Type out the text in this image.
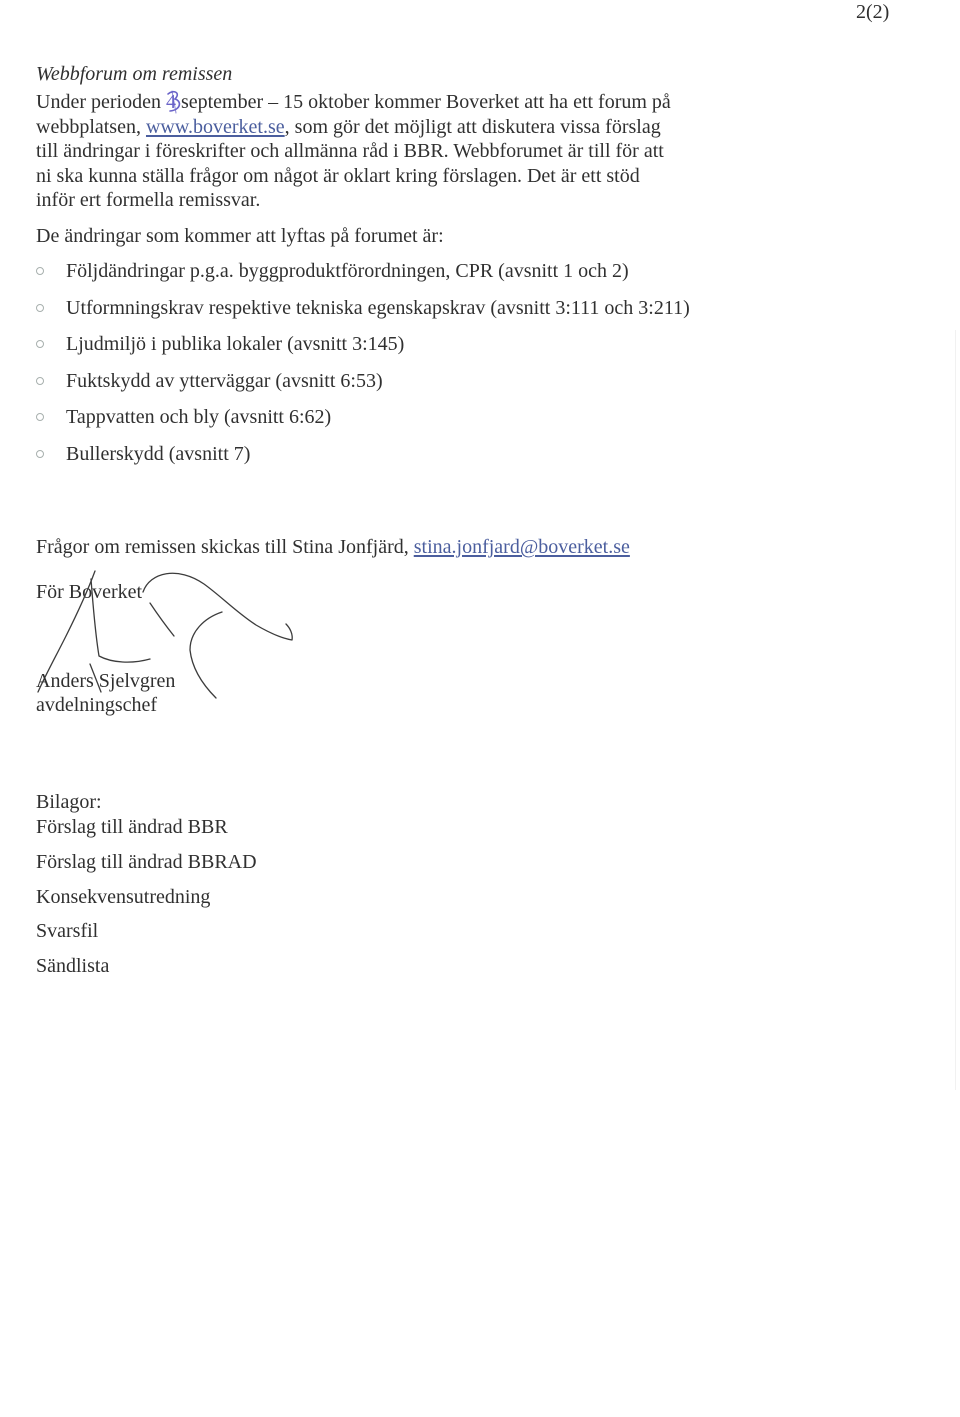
2(2)
Webbforum om remissen
Under perioden 4 september – 15 oktober kommer Boverket att ha ett forum på
webbplatsen, www.boverket.se, som gör det möjligt att diskutera vissa förslag
till ändringar i föreskrifter och allmänna råd i BBR. Webbforumet är till för att
ni ska kunna ställa frågor om något är oklart kring förslagen. Det är ett stöd
inför ert formella remissvar.
De ändringar som kommer att lyftas på forumet är:
Följdändringar p.g.a. byggproduktförordningen, CPR (avsnitt 1 och 2)
Utformningskrav respektive tekniska egenskapskrav (avsnitt 3:111 och 3:211)
Ljudmiljö i publika lokaler (avsnitt 3:145)
Fuktskydd av ytterväggar (avsnitt 6:53)
Tappvatten och bly (avsnitt 6:62)
Bullerskydd (avsnitt 7)
Frågor om remissen skickas till Stina Jonfjärd, stina.jonfjard@boverket.se
För Boverket
Anders Sjelvgren
avdelningschef
Bilagor:
Förslag till ändrad BBR
Förslag till ändrad BBRAD
Konsekvensutredning
Svarsfil
Sändlista
